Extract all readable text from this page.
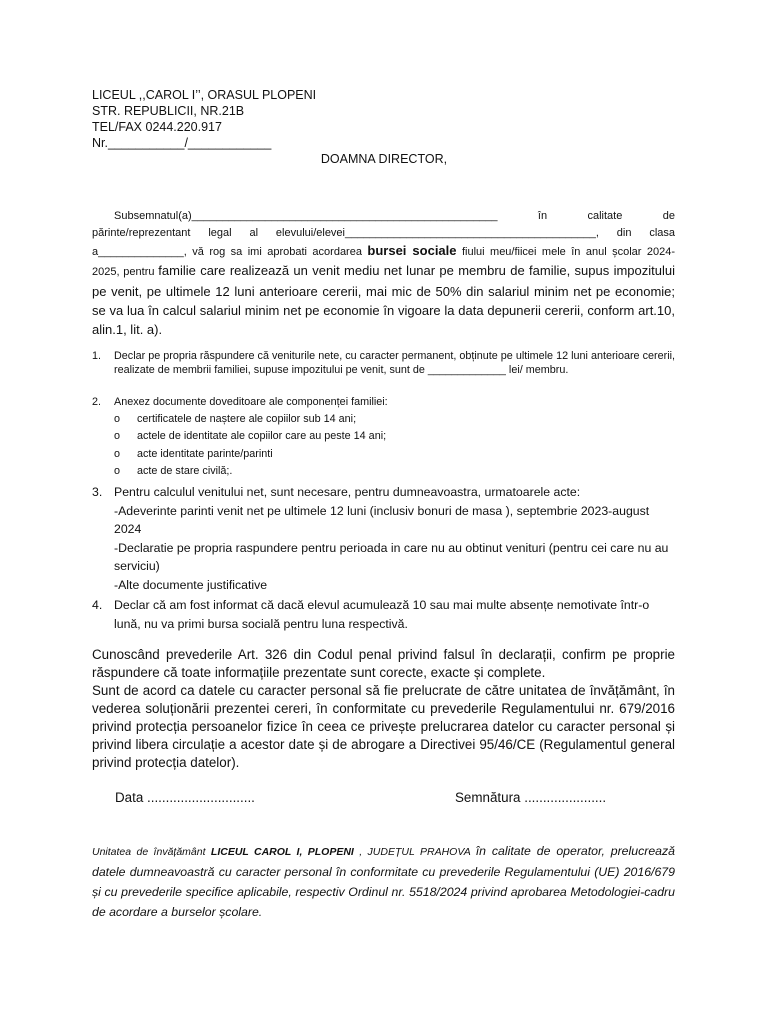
LICEUL ,,CAROL I’’, ORASUL PLOPENI
STR. REPUBLICII, NR.21B
TEL/FAX 0244.220.917
Nr.___________/____________
DOAMNA DIRECTOR,
Subsemnatul(a)__________________________________________________	în	calitate	de
părinte/reprezentant legal al elevului/elevei_________________________________________, din clasa
a______________, vă rog sa imi aprobati acordarea bursei sociale fiului meu/fiicei mele în anul școlar 2024-
2025, pentru familie care realizează un venit mediu net lunar pe membru de familie, supus impozitului pe venit, pe ultimele 12 luni anterioare cererii, mai mic de 50% din salariul minim net pe economie; se va lua în calcul salariul minim net pe economie în vigoare la data depunerii cererii, conform art.10, alin.1, lit. a).
1.	Declar pe propria răspundere că veniturile nete, cu caracter permanent, obținute pe ultimele 12 luni anterioare cererii, realizate de membrii familiei, supuse impozitului pe venit, sunt de _____________ lei/ membru.
2.	Anexez documente doveditoare ale componenței familiei:
o	certificatele de naștere ale copiilor sub 14 ani;
o	actele de identitate ale copiilor care au peste 14 ani;
o	acte identitate parinte/parinti
o	acte de stare civilă;.
3. Pentru calculul venitului net, sunt necesare, pentru dumneavoastra, urmatoarele acte:
-Adeverinte parinti venit net pe ultimele 12 luni (inclusiv bonuri de masa ), septembrie 2023-august 2024
-Declaratie pe propria raspundere pentru perioada in care nu au obtinut venituri (pentru cei care nu au serviciu)
-Alte documente justificative
4. Declar că am fost informat că dacă elevul acumulează 10 sau mai multe absențe nemotivate într-o lună, nu va primi bursa socială pentru luna respectivă.
Cunoscând prevederile Art. 326 din Codul penal privind falsul în declarații, confirm pe proprie răspundere că toate informațiile prezentate sunt corecte, exacte și complete.
Sunt de acord ca datele cu caracter personal să fie prelucrate de către unitatea de învățământ, în vederea soluționării prezentei cereri, în conformitate cu prevederile Regulamentului nr. 679/2016 privind protecția persoanelor fizice în ceea ce privește prelucrarea datelor cu caracter personal și privind libera circulație a acestor date și de abrogare a Directivei 95/46/CE (Regulamentul general privind protecția datelor).
Data .............................	Semnătura ......................
Unitatea de învățământ LICEUL CAROL I, PLOPENI , JUDEȚUL PRAHOVA în calitate de operator, prelucrează datele dumneavoastră cu caracter personal în conformitate cu prevederile Regulamentului (UE) 2016/679 și cu prevederile specifice aplicabile, respectiv Ordinul nr. 5518/2024 privind aprobarea Metodologiei-cadru de acordare a burselor școlare.
